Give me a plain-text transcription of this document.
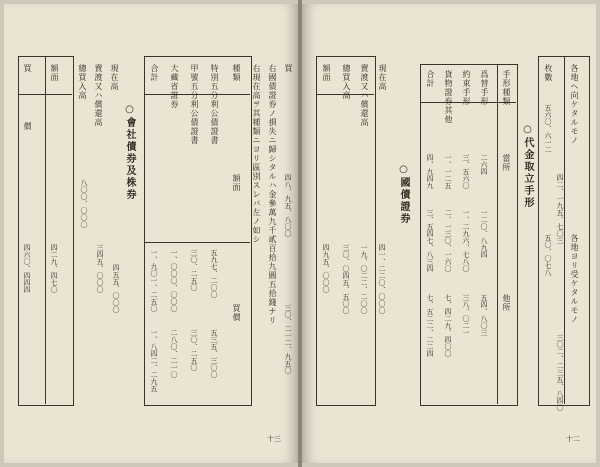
買
價
額面
四六〇、四四四	四二九、四七〇
總買入高
八〇〇、〇〇〇
賣渡又ハ償還高
三四五、〇〇〇
現在高
四五五、〇〇〇
○會社債券及株券
合計 大藏省證券 甲號五分利公債證書 特別五分利公債證書 種類
額面
買價
一、九〇一、二五〇 一、〇〇〇、〇〇〇 三〇、二五〇 五九七、二〇〇
一、八四二、二九五 二八〇、二一〇 三〇、二五〇 五三五、三〇〇
右現在高ヲ其種類ニヨリ區別スレバ左ノ如シ 右國債證券ノ損失ニ歸シタルハ金參萬九千貳百拾九圓五拾錢ナリ 買
四八、九五、八〇〇
三〇、二一二、九五〇
十三
額面
四九五、〇〇〇
總買入高
三〇、〇四五、五〇〇
賣渡又ハ償還高
一九、〇二二、二〇〇
現在高
四一、二二〇、〇〇〇
○國債證券
合計 貨物證券其他 約束手形 爲替手形 手形種類
當所
他所
四、九四九 一、一二五 三、五六〇 二六四
三、五四七、八三四 二、一三〇、一六〇 一、二九六、七八〇 一二〇、八九四
七、五二二、二二四 七、四二九、四〇〇 三八、〇二一 五四、八〇三
○代金取立手形
枚數
五六〇、六一二 各地ヘ向ケタルモノ
五〇、〇七八 各地ヨリ受ケタルモノ
四二、一九五、七〇三
三〇二、二三五、八四〇
十二
